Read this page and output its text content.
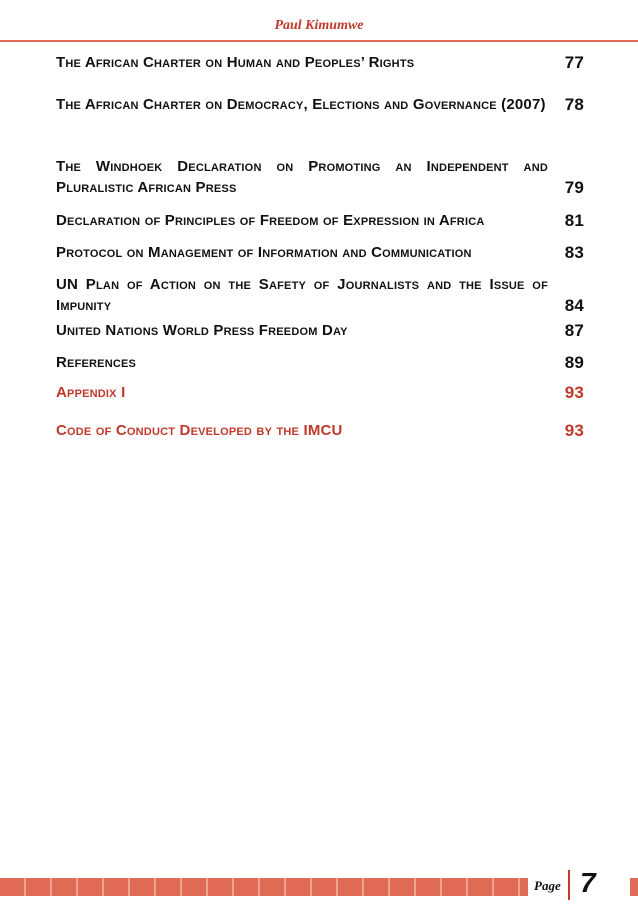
Paul Kimumwe
The African Charter on Human and Peoples’ Rights	77
The African Charter on Democracy, Elections and Governance (2007) 78
The Windhoek Declaration on Promoting an Independent and Pluralistic African Press	79
Declaration of Principles of Freedom of Expression in Africa	81
Protocol on Management of Information and Communication	83
UN Plan of Action on the Safety of Journalists and the Issue of Impunity	84
United Nations World Press Freedom Day	87
References	89
Appendix I	93
Code of Conduct Developed by the IMCU	93
Page 7
